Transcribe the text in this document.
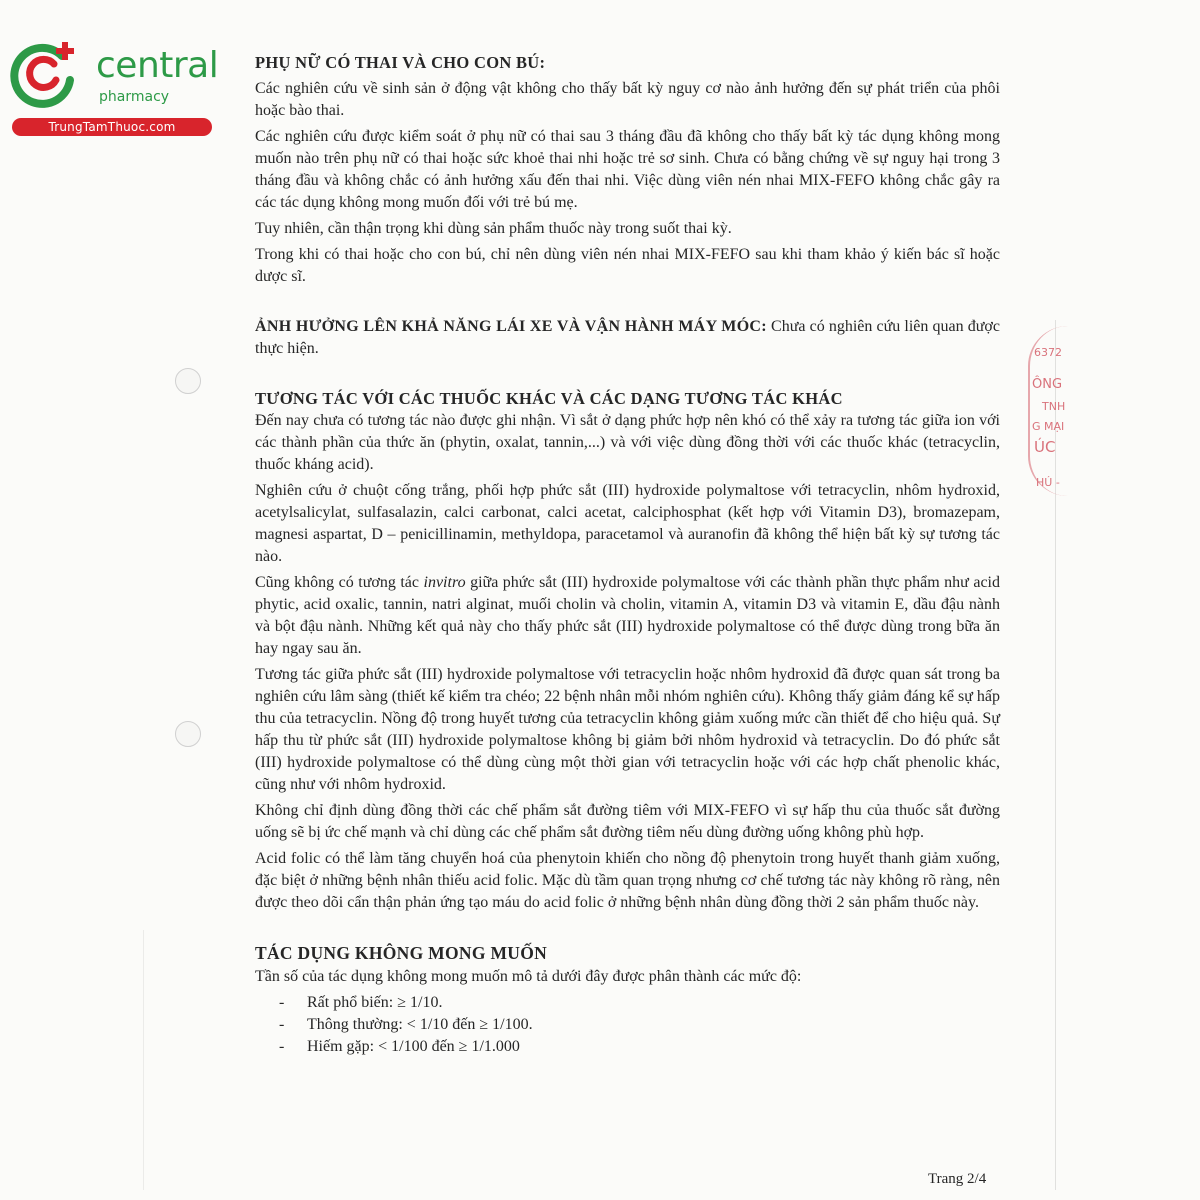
central
pharmacy
TrungTamThuoc.com
6372
ÔNG
TNH
G MẠI
ÚC
HÚ -

PHỤ NỮ CÓ THAI VÀ CHO CON BÚ:

Các nghiên cứu về sinh sản ở động vật không cho thấy bất kỳ nguy cơ nào ảnh hưởng đến sự phát triển của phôi hoặc bào thai.

Các nghiên cứu được kiểm soát ở phụ nữ có thai sau 3 tháng đầu đã không cho thấy bất kỳ tác dụng không mong muốn nào trên phụ nữ có thai hoặc sức khoẻ thai nhi hoặc trẻ sơ sinh. Chưa có bằng chứng về sự nguy hại trong 3 tháng đầu và không chắc có ảnh hưởng xấu đến thai nhi. Việc dùng viên nén nhai MIX-FEFO không chắc gây ra các tác dụng không mong muốn đối với trẻ bú mẹ.

Tuy nhiên, cần thận trọng khi dùng sản phẩm thuốc này trong suốt thai kỳ.

Trong khi có thai hoặc cho con bú, chỉ nên dùng viên nén nhai MIX-FEFO sau khi tham khảo ý kiến bác sĩ hoặc dược sĩ.

ẢNH HƯỞNG LÊN KHẢ NĂNG LÁI XE VÀ VẬN HÀNH MÁY MÓC: Chưa có nghiên cứu liên quan được thực hiện.

TƯƠNG TÁC VỚI CÁC THUỐC KHÁC VÀ CÁC DẠNG TƯƠNG TÁC KHÁC

Đến nay chưa có tương tác nào được ghi nhận. Vì sắt ở dạng phức hợp nên khó có thể xảy ra tương tác giữa ion với các thành phần của thức ăn (phytin, oxalat, tannin,...) và với việc dùng đồng thời với các thuốc khác (tetracyclin, thuốc kháng acid).

Nghiên cứu ở chuột cống trắng, phối hợp phức sắt (III) hydroxide polymaltose với tetracyclin, nhôm hydroxid, acetylsalicylat, sulfasalazin, calci carbonat, calci acetat, calciphosphat (kết hợp với Vitamin D3), bromazepam, magnesi aspartat, D – penicillinamin, methyldopa, paracetamol và auranofin đã không thể hiện bất kỳ sự tương tác nào.

Cũng không có tương tác invitro giữa phức sắt (III) hydroxide polymaltose với các thành phần thực phẩm như acid phytic, acid oxalic, tannin, natri alginat, muối cholin và cholin, vitamin A, vitamin D3 và vitamin E, dầu đậu nành và bột đậu nành. Những kết quả này cho thấy phức sắt (III) hydroxide polymaltose có thể được dùng trong bữa ăn hay ngay sau ăn.

Tương tác giữa phức sắt (III) hydroxide polymaltose với tetracyclin hoặc nhôm hydroxid đã được quan sát trong ba nghiên cứu lâm sàng (thiết kế kiểm tra chéo; 22 bệnh nhân mỗi nhóm nghiên cứu). Không thấy giảm đáng kể sự hấp thu của tetracyclin. Nồng độ trong huyết tương của tetracyclin không giảm xuống mức cần thiết để cho hiệu quả. Sự hấp thu từ phức sắt (III) hydroxide polymaltose không bị giảm bởi nhôm hydroxid và tetracyclin. Do đó phức sắt (III) hydroxide polymaltose có thể dùng cùng một thời gian với tetracyclin hoặc với các hợp chất phenolic khác, cũng như với nhôm hydroxid.

Không chỉ định dùng đồng thời các chế phẩm sắt đường tiêm với MIX-FEFO vì sự hấp thu của thuốc sắt đường uống sẽ bị ức chế mạnh và chỉ dùng các chế phẩm sắt đường tiêm nếu dùng đường uống không phù hợp.

Acid folic có thể làm tăng chuyển hoá của phenytoin khiến cho nồng độ phenytoin trong huyết thanh giảm xuống, đặc biệt ở những bệnh nhân thiếu acid folic. Mặc dù tầm quan trọng nhưng cơ chế tương tác này không rõ ràng, nên được theo dõi cẩn thận phản ứng tạo máu do acid folic ở những bệnh nhân dùng đồng thời 2 sản phẩm thuốc này.

TÁC DỤNG KHÔNG MONG MUỐN

Tần số của tác dụng không mong muốn mô tả dưới đây được phân thành các mức độ:

- Rất phổ biến: ≥ 1/10.
- Thông thường: < 1/10 đến ≥ 1/100.
- Hiếm gặp: < 1/100 đến ≥ 1/1.000
Trang 2/4
